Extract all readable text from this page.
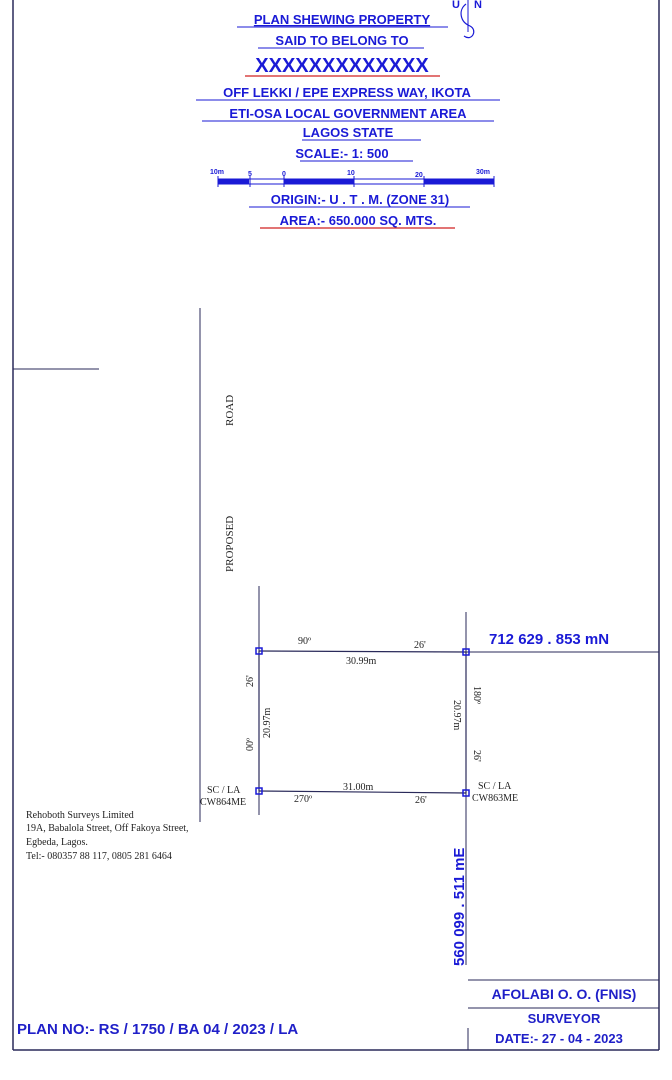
U N
PLAN SHEWING PROPERTY
SAID TO BELONG TO
XXXXXXXXXXXXX
OFF LEKKI / EPE EXPRESS WAY, IKOTA
ETI-OSA LOCAL GOVERNMENT AREA
LAGOS STATE
SCALE:- 1: 500
10m	5	0	10	20	30m
ORIGIN:- U . T . M. (ZONE 31)
AREA:- 650.000 SQ. MTS.
PROPOSED
ROAD
90º	26'
30.99m
180º
26'
20.97m
270º	26'
31.00m
00º
26'
20.97m
SC / LA
CW864ME
SC / LA
CW863ME
712 629 . 853 mN
560 099 . 511 mE
Rehoboth Surveys Limited
19A, Babalola Street, Off Fakoya Street,
Egbeda, Lagos.
Tel:- 080357 88 117, 0805 281 6464
AFOLABI O. O. (FNIS)
SURVEYOR
DATE:- 27 - 04 - 2023
PLAN NO:- RS / 1750 / BA 04 / 2023 / LA
